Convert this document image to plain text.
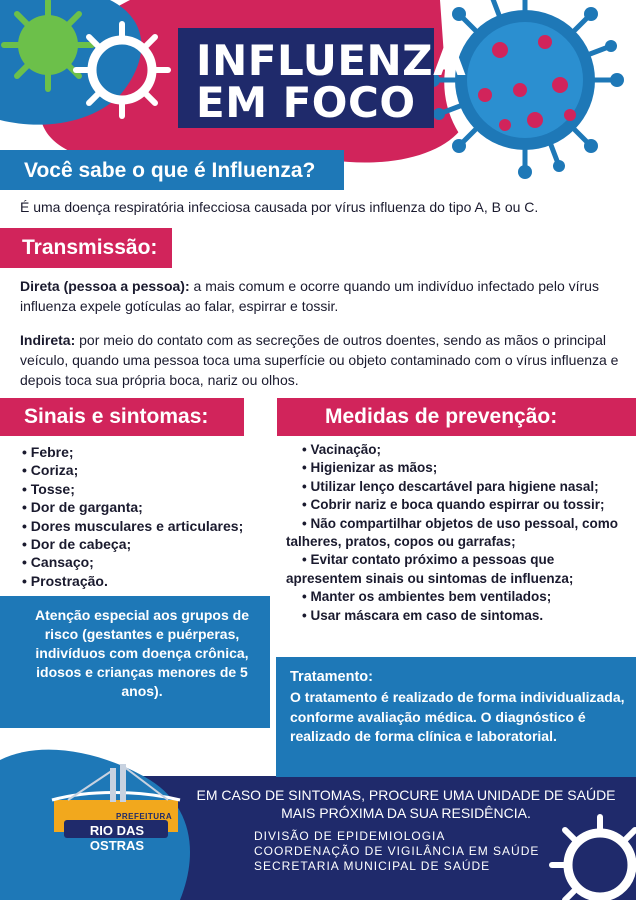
INFLUENZA
EM FOCO
Você sabe o que é Influenza?
É uma doença respiratória infecciosa causada por vírus influenza do tipo A, B ou C.
Transmissão:

Direta (pessoa a pessoa): a mais comum e ocorre quando um indivíduo infectado pelo vírus influenza expele gotículas ao falar, espirrar e tossir.

Indireta: por meio do contato com as secreções de outros doentes, sendo as mãos o principal veículo, quando uma pessoa toca uma superfície ou objeto contaminado com o vírus influenza e depois toca sua própria boca, nariz ou olhos.

Sinais e sintomas:	Medidas de prevenção:
• Febre;
• Coriza;
• Tosse;
• Dor de garganta;
• Dores musculares e articulares;
• Dor de cabeça;
• Cansaço;
• Prostração.
• Vacinação;
• Higienizar as mãos;
• Utilizar lenço descartável para higiene nasal;
• Cobrir nariz e boca quando espirrar ou tossir;
• Não compartilhar objetos de uso pessoal, como talheres, pratos, copos ou garrafas;
• Evitar contato próximo a pessoas que apresentem sinais ou sintomas de influenza;
• Manter os ambientes bem ventilados;
• Usar máscara em caso de sintomas.

Atenção especial aos grupos de risco (gestantes e puérperas, indivíduos com doença crônica, idosos e crianças menores de 5 anos).

Tratamento:
O tratamento é realizado de forma individualizada, conforme avaliação médica. O diagnóstico é realizado de forma clínica e laboratorial.
PREFEITURA
RIO DAS OSTRAS
EM CASO DE SINTOMAS, PROCURE UMA UNIDADE DE SAÚDE MAIS PRÓXIMA DA SUA RESIDÊNCIA.
DIVISÃO DE EPIDEMIOLOGIA
COORDENAÇÃO DE VIGILÂNCIA EM SAÚDE
SECRETARIA MUNICIPAL DE SAÚDE
